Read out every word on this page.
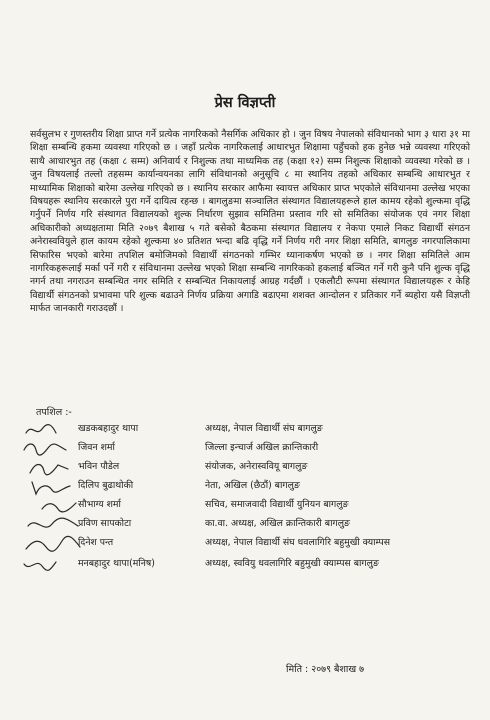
प्रेस विज्ञप्ती
सर्वसुलभ र गुणस्तरीय शिक्षा प्राप्त गर्ने प्रत्येक नागरिकको नैसर्गिक अधिकार हो । जुन विषय नेपालको संविधानको भाग ३ धारा ३१ मा शिक्षा सम्बन्धि हकमा व्यवस्था गरिएको छ । जहाँ प्रत्येक नागरिकलाई आधारभुत शिक्षामा पहुँचको हक हुनेछ भन्ने व्यवस्था गरिएको साथै आधारभुत तह (कक्षा ८ सम्म) अनिवार्य र निशुल्क तथा माध्यमिक तह (कक्षा १२) सम्म निशुल्क शिक्षाको व्यवस्था गरेको छ । जुन विषयलाई तल्लो तहसम्म कार्यान्वयनका लागि संविधानको अनुसूचि ८ मा स्थानिय तहको अधिकार सम्बन्धि आधारभुत र माध्यामिक शिक्षाको बारेमा उल्लेख गरिएको छ । स्थानिय सरकार आफैमा स्वायत्त अधिकार प्राप्त भएकोले संविधानमा उल्लेख भएका विषयहरू स्थानिय सरकारले पुरा गर्ने दायित्व रहन्छ । बागलुङमा सञ्चालित संस्थागत विद्यालयहरूले हाल कामय रहेको शुल्कमा वृद्धि गर्नुपर्ने निर्णय गरि संस्थागत विद्यालयको शुल्क निर्धारण सुझाव समितिमा प्रस्ताव गरि सो समितिका संयोजक एवं नगर शिक्षा अधिकारीको अध्यक्षतामा मिति २०७९ बैशाख ५ गते बसेको बैठकमा संस्थागत विद्यालय र नेकपा एमाले निकट विद्यार्थी संगठन अनेरास्ववियुले हाल कायम रहेको शुल्कमा ४० प्रतिशत भन्दा बढि वृद्धि गर्ने निर्णय गरी नगर शिक्षा समिति, बागलुङ नगरपालिकामा सिफारिस भएको बारेमा तपशिल बमोजिमको विद्यार्थी संगठनको गम्भिर ध्यानाकर्षण भएको छ । नगर शिक्षा समितिले आम नागरिकहरूलाई मर्का पर्ने गरी र संविधानमा उल्लेख भएको शिक्षा सम्बन्धि नागरिकको हकलाई बञ्चित गर्ने गरी कुनै पनि शुल्क वृद्धि नगर्न तथा नगराउन सम्बन्धित नगर समिति र सम्बन्धित निकायलाई आग्रह गर्दछौं । एकलौटी रूपमा संस्थागत विद्यालयहरू र केहि विद्यार्थी संगठनको प्रभावमा परि शुल्क बढाउने निर्णय प्रक्रिया अगाडि बढाएमा शशक्त आन्दोलन र प्रतिकार गर्ने ब्यहोरा यसै विज्ञप्ती मार्फत जानकारी गराउदछौं ।
तपशिल :-
खडकबहादुर थापा	अध्यक्ष, नेपाल विद्यार्थी संघ बागलुङ
जिवन शर्मा	जिल्ला इन्चार्ज अखिल क्रान्तिकारी
भविन पौडेल	संयोजक, अनेरास्ववियू बागलुङ
दिलिप बुढाथोकी	नेता, अखिल (छैठौं) बागलुङ
सौभाग्य शर्मा	सचिव, समाजवादी विद्यार्थी युनियन बागलुङ
प्रविण सापकोटा	का.वा. अध्यक्ष, अखिल क्रान्तिकारी बागलुङ
दिनेश पन्त	अध्यक्ष, नेपाल विद्यार्थी संघ धवलागिरि बहुमुखी क्याम्पस
मनबहादुर थापा(मनिष)	अध्यक्ष, स्ववियु धवलागिरि बहुमुखी क्याम्पस बागलुङ
मिति : २०७९ बैशाख ७
